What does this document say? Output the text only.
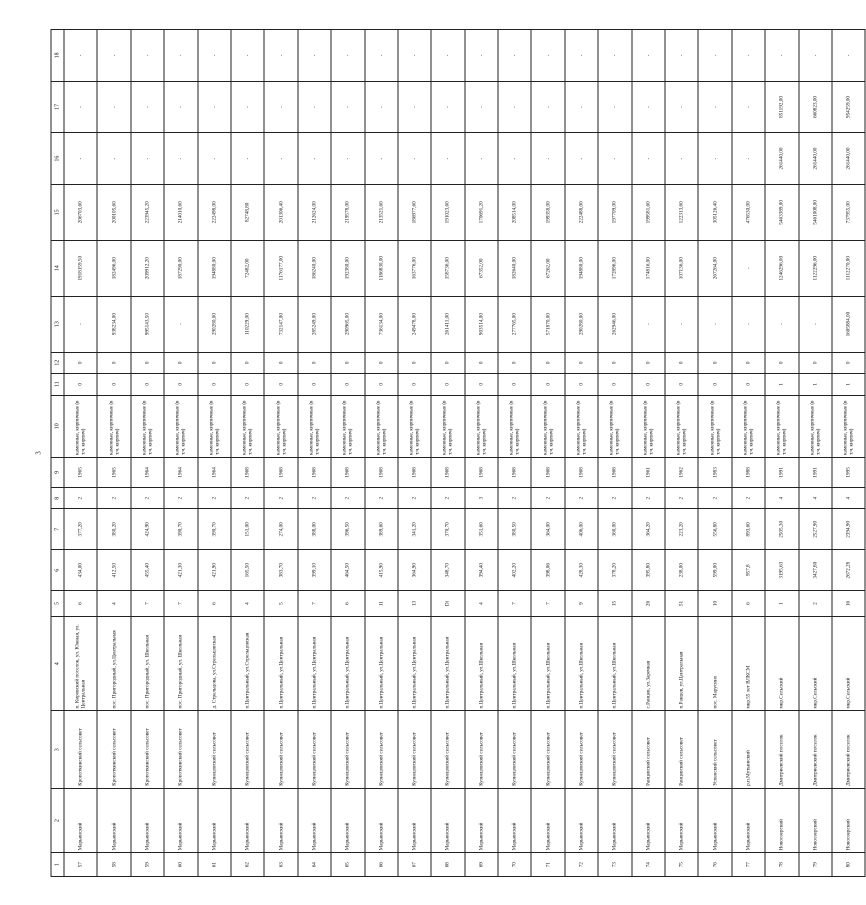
3
1	2	3	4	5	6	7	8	9	10	11	12	13	14	15	16	17	18
57	Марьинский	Кропоткинский сельсовет	п. Кировский поселок, ул. Южная, ул. Центральная	6	434,00	377,20	2	1965	каменные, кирпичные (в т.ч. кирпич)	0	0	-	1918159,50	206703,60	-	-	-
58	Марьинский	Кропоткинский сельсовет	пос. Пригородный, ул.Центральная	4	412,50	380,20	2	1965	каменные, кирпичные (в т.ч. кирпич)	0	0	938234,00	182496,00	200105,60	-	-	-
59	Марьинский	Кропоткинский сельсовет	пос. Пригородный, ул. Школьная	7	455,40	424,90	2	1964	каменные, кирпичные (в т.ч. кирпич)	0	0	995143,50	209912,20	223945,20	-	-	-
60	Марьинский	Кропоткинский сельсовет	пос. Пригородный, ул. Школьная	7	421,30	390,70	2	1964	каменные, кирпичные (в т.ч. кирпич)	0	0	-	187290,00	214010,60	-	-	-
61	Марьинский	Кузнецовский сельсовет	д. Стрельцова, ул.Стрельцовская	6	421,90	390,70	2	1964	каменные, кирпичные (в т.ч. кирпич)	0	0	290280,00	194880,00	222498,00	-	-	-
62	Марьинский	Кузнецовский сельсовет	п.Центральный, ул.Стрельцовская	4	165,50	151,00	2	1968	каменные, кирпичные (в т.ч. кирпич)	0	0	110229,00	72482,00	82748,80	-	-	-
63	Марьинский	Кузнецовский сельсовет	п.Центральный, ул.Центральная	5	383,70	274,00	2	1968	каменные, кирпичные (в т.ч. кирпич)	0	0	732147,00	1176177,00	201306,40	-	-	-
64	Марьинский	Кузнецовский сельсовет	п.Центральный, ул.Центральная	7	399,10	388,00	2	1968	каменные, кирпичные (в т.ч. кирпич)	0	0	285249,00	186240,00	212624,00	-	-	-
65	Марьинский	Кузнецовский сельсовет	п.Центральный, ул.Центральная	6	464,50	396,50	2	1968	каменные, кирпичные (в т.ч. кирпич)	0	0	290965,00	192380,00	219578,00	-	-	-
66	Марьинский	Кузнецовский сельсовет	п.Центральный, ул.Центральная	11	415,90	389,60	2	1968	каменные, кирпичные (в т.ч. кирпич)	0	0	736134,00	1186830,00	213521,60	-	-	-
67	Марьинский	Кузнецовский сельсовет	п.Центральный, ул.Центральная	13	364,90	341,20	2	1968	каменные, кирпичные (в т.ч. кирпич)	0	0	249478,00	163776,00	186977,60	-	-	-
68	Марьинский	Кузнецовский сельсовет	п.Центральный, ул.Центральная	Di	348,70	370,70	2	1968	каменные, кирпичные (в т.ч. кирпич)	0	0	261411,00	158736,00	191023,60	-	-	-
69	Марьинский	Кузнецовский сельсовет	п.Центральный, ул.Школьная	4	394,40	351,60	3	1968	каменные, кирпичные (в т.ч. кирпич)	0	0	903514,00	67352,00	170691,20	-	-	-
70	Марьинский	Кузнецовский сельсовет	п.Центральный, ул.Школьная	7	402,20	380,50	2	1968	каменные, кирпичные (в т.ч. кирпич)	0	0	277765,00	182640,00	208514,00	-	-	-
71	Марьинский	Кузнецовский сельсовет	п.Центральный, ул.Школьная	7	398,06	364,00	2	1968	каменные, кирпичные (в т.ч. кирпич)	0	0	571870,00	67262,00	199358,00	-	-	-
72	Марьинский	Кузнецовский сельсовет	п.Центральный, ул.Школьная	9	428,30	406,00	2	1968	каменные, кирпичные (в т.ч. кирпич)	0	0	290280,00	194880,00	222488,00	-	-	-
73	Марьинский	Кузнецовский сельсовет	п.Центральный, ул.Школьная	15	378,20	360,00	2	1968	каменные, кирпичные (в т.ч. кирпич)	0	0	262946,00	172896,00	197709,00	-	-	-
74	Марьинский	Ранцевский сельсовет	с.Ранцев, ул.Заречная	26	395,80	364,20	2	1961	каменные, кирпичные (в т.ч. кирпич)	0	0	-	174816,00	199581,60	-	-	-
75	Марьинский	Ранцевский сельсовет	п.Ранцев, ул.Центральная	51	238,00	223,20	2	1962	каменные, кирпичные (в т.ч. кирпич)	0	0	-	107136,00	122313,60	-	-	-
76	Марьинский	Успенский сельсовет	пос. Марусино	10	599,00	556,80	2	1983	каменные, кирпичные (в т.ч. кирпич)	0	0	-	267264,00	305126,40	-	-	-
77	Марьинский	р.п.Мутьинский	мкр.55 лет ВЛКСМ	6	957,8	893,60	2	1988	каменные, кирпичные (в т.ч. кирпич)	0	0	-	-	476530,00	-	-	-
78	Новоозерский	Дмитриевский поселок	мкр.Сельский	1	3195,63	2505,30	4	1991	каменные, кирпичные (в т.ч. кирпич)	1	0	-	1246296,00	5463389,00	261440,00	851192,00	-
79	Новоозерский	Дмитриевский поселок	мкр.Сельский	2	3427,80	2527,90	4	1991	каменные, кирпичные (в т.ч. кирпич)	1	0	-	1122296,00	5461008,00	261440,00	660823,00	-
80	Новоозерский	Дмитриевский поселок	мкр.Сельский	16	2672,28	2394,90	4	1995	каменные, кирпичные (в т.ч. кирпич)	1	0	1605884,00	1112270,00	737955,00	261440,00	954259,00	-
